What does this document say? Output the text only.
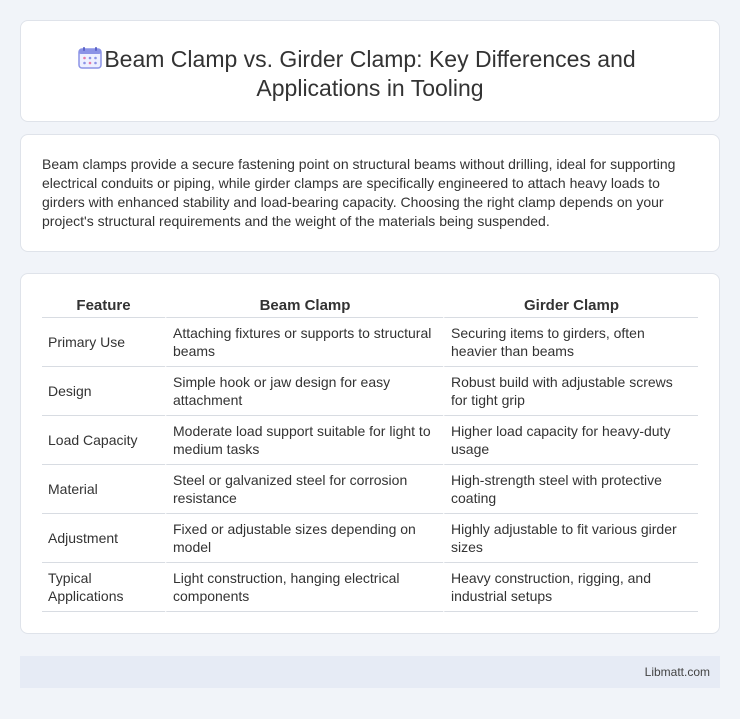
Beam Clamp vs. Girder Clamp: Key Differences and Applications in Tooling

Beam clamps provide a secure fastening point on structural beams without drilling, ideal for supporting electrical conduits or piping, while girder clamps are specifically engineered to attach heavy loads to girders with enhanced stability and load-bearing capacity. Choosing the right clamp depends on your project's structural requirements and the weight of the materials being suspended.

Feature	Beam Clamp	Girder Clamp
Primary Use	Attaching fixtures or supports to structural beams	Securing items to girders, often heavier than beams
Design	Simple hook or jaw design for easy attachment	Robust build with adjustable screws for tight grip
Load Capacity	Moderate load support suitable for light to medium tasks	Higher load capacity for heavy-duty usage
Material	Steel or galvanized steel for corrosion resistance	High-strength steel with protective coating
Adjustment	Fixed or adjustable sizes depending on model	Highly adjustable to fit various girder sizes
Typical Applications	Light construction, hanging electrical components	Heavy construction, rigging, and industrial setups
Libmatt.com
